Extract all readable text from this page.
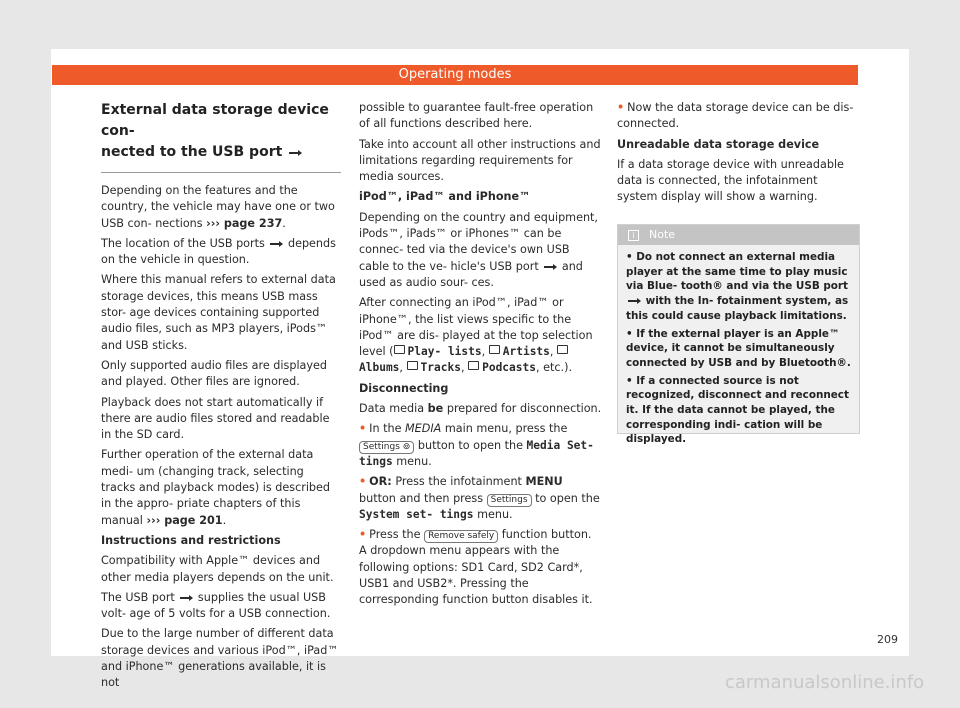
Operating modes
External data storage device con-
nected to the USB port

Depending on the features and the country, the vehicle may have one or two USB con- nections ››› page 237.

The location of the USB ports  depends on the vehicle in question.

Where this manual refers to external data storage devices, this means USB mass stor- age devices containing supported audio files, such as MP3 players, iPods™ and USB sticks.

Only supported audio files are displayed and played. Other files are ignored.

Playback does not start automatically if there are audio files stored and readable in the SD card.

Further operation of the external data medi- um (changing track, selecting tracks and playback modes) is described in the appro- priate chapters of this manual ››› page 201.

Instructions and restrictions

Compatibility with Apple™ devices and other media players depends on the unit.

The USB port  supplies the usual USB volt- age of 5 volts for a USB connection.

Due to the large number of different data storage devices and various iPod™, iPad™ and iPhone™ generations available, it is not

possible to guarantee fault-free operation of all functions described here.

Take into account all other instructions and limitations regarding requirements for media sources.

iPod™, iPad™ and iPhone™

Depending on the country and equipment, iPods™, iPads™ or iPhones™ can be connec- ted via the device's own USB cable to the ve- hicle's USB port  and used as audio sour- ces.

After connecting an iPod™, iPad™ or iPhone™, the list views specific to the iPod™ are dis- played at the top selection level ( Play- lists, Artists, Albums, Tracks, Podcasts, etc.).

Disconnecting

Data media be prepared for disconnection.

• In the MEDIA main menu, press the Settings ⊚ button to open the Media Set- tings menu.

• OR: Press the infotainment MENU button and then press Settings to open the System set- tings menu.

• Press the Remove safely function button. A dropdown menu appears with the following options: SD1 Card, SD2 Card*, USB1 and USB2*. Pressing the corresponding function button disables it.

• Now the data storage device can be dis- connected.

Unreadable data storage device

If a data storage device with unreadable data is connected, the infotainment system display will show a warning.

i Note

• Do not connect an external media player at the same time to play music via Blue- tooth® and via the USB port  with the In- fotainment system, as this could cause playback limitations.

• If the external player is an Apple™ device, it cannot be simultaneously connected by USB and by Bluetooth®.

• If a connected source is not recognized, disconnect and reconnect it. If the data cannot be played, the corresponding indi- cation will be displayed.

209
carmanualsonline.info
